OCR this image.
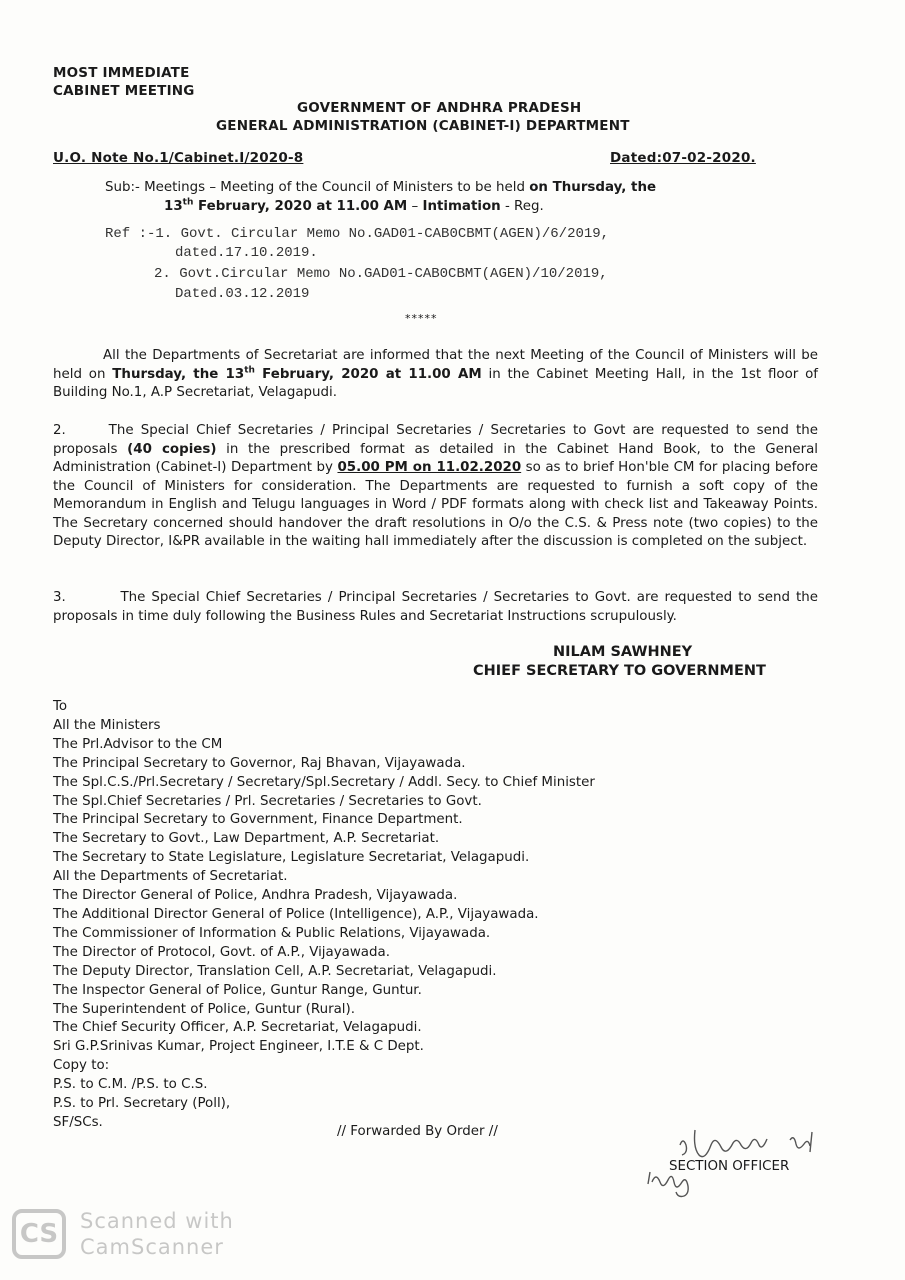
MOST IMMEDIATE
CABINET MEETING
GOVERNMENT OF ANDHRA PRADESH
GENERAL ADMINISTRATION (CABINET-I) DEPARTMENT
U.O. Note No.1/Cabinet.I/2020-8	Dated:07-02-2020.
Sub:- Meetings – Meeting of the Council of Ministers to be held on Thursday, the
13th February, 2020 at 11.00 AM – Intimation - Reg.
Ref :-1. Govt. Circular Memo No.GAD01-CAB0CBMT(AGEN)/6/2019,
dated.17.10.2019.
2. Govt.Circular Memo No.GAD01-CAB0CBMT(AGEN)/10/2019,
Dated.03.12.2019
*****
All the Departments of Secretariat are informed that the next Meeting of the Council of Ministers will be held on Thursday, the 13th February, 2020 at 11.00 AM in the Cabinet Meeting Hall, in the 1st floor of Building No.1, A.P Secretariat, Velagapudi.
2.	The Special Chief Secretaries / Principal Secretaries / Secretaries to Govt are requested to send the proposals (40 copies) in the prescribed format as detailed in the Cabinet Hand Book, to the General Administration (Cabinet-I) Department by 05.00 PM on 11.02.2020 so as to brief Hon'ble CM for placing before the Council of Ministers for consideration. The Departments are requested to furnish a soft copy of the Memorandum in English and Telugu languages in Word / PDF formats along with check list and Takeaway Points. The Secretary concerned should handover the draft resolutions in O/o the C.S. & Press note (two copies) to the Deputy Director, I&PR available in the waiting hall immediately after the discussion is completed on the subject.
3.	The Special Chief Secretaries / Principal Secretaries / Secretaries to Govt. are requested to send the proposals in time duly following the Business Rules and Secretariat Instructions scrupulously.
NILAM SAWHNEY
CHIEF SECRETARY TO GOVERNMENT
To
All the Ministers
The Prl.Advisor to the CM
The Principal Secretary to Governor, Raj Bhavan, Vijayawada.
The Spl.C.S./Prl.Secretary / Secretary/Spl.Secretary / Addl. Secy. to Chief Minister
The Spl.Chief Secretaries / Prl. Secretaries / Secretaries to Govt.
The Principal Secretary to Government, Finance Department.
The Secretary to Govt., Law Department, A.P. Secretariat.
The Secretary to State Legislature, Legislature Secretariat, Velagapudi.
All the Departments of Secretariat.
The Director General of Police, Andhra Pradesh, Vijayawada.
The Additional Director General of Police (Intelligence), A.P., Vijayawada.
The Commissioner of Information & Public Relations, Vijayawada.
The Director of Protocol, Govt. of A.P., Vijayawada.
The Deputy Director, Translation Cell, A.P. Secretariat, Velagapudi.
The Inspector General of Police, Guntur Range, Guntur.
The Superintendent of Police, Guntur (Rural).
The Chief Security Officer, A.P. Secretariat, Velagapudi.
Sri G.P.Srinivas Kumar, Project Engineer, I.T.E & C Dept.
Copy to:
P.S. to C.M. /P.S. to C.S.
P.S. to Prl. Secretary (Poll),
SF/SCs.
// Forwarded By Order //
SECTION OFFICER
CS	Scanned with
CamScanner
